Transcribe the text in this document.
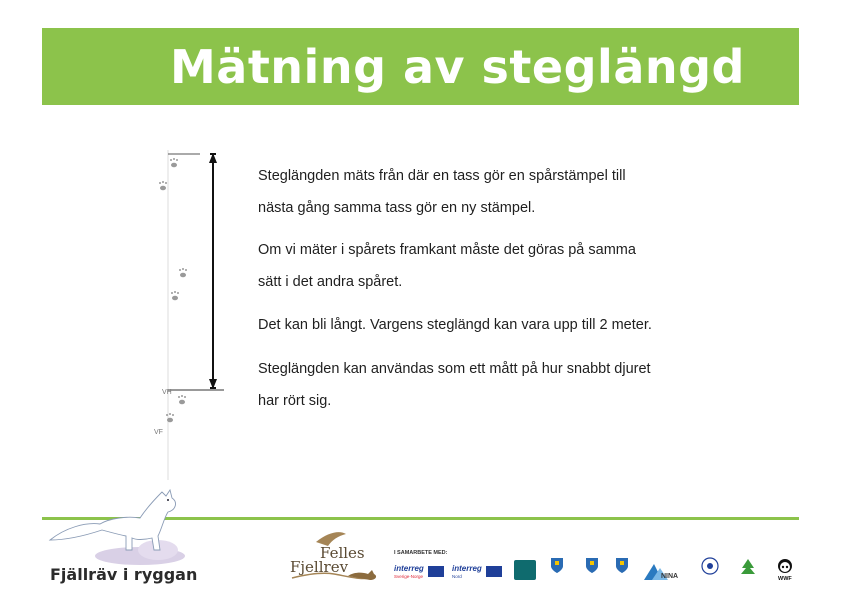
Mätning av steglängd
VH
VF
Steglängden mäts från där en tass gör en spårstämpel till
nästa gång samma tass gör en ny stämpel.
Om vi mäter i spårets framkant måste det göras på samma
sätt i det andra spåret.
Det kan bli långt. Vargens steglängd kan vara upp till 2 meter.
Steglängden kan användas som ett mått på hur snabbt djuret
har rört sig.
Fjällräv i ryggan
Felles
Fjellrev
I SAMARBETE MED:
interreg
Sverige-Norge
interreg
Nord	NINA	WWF
